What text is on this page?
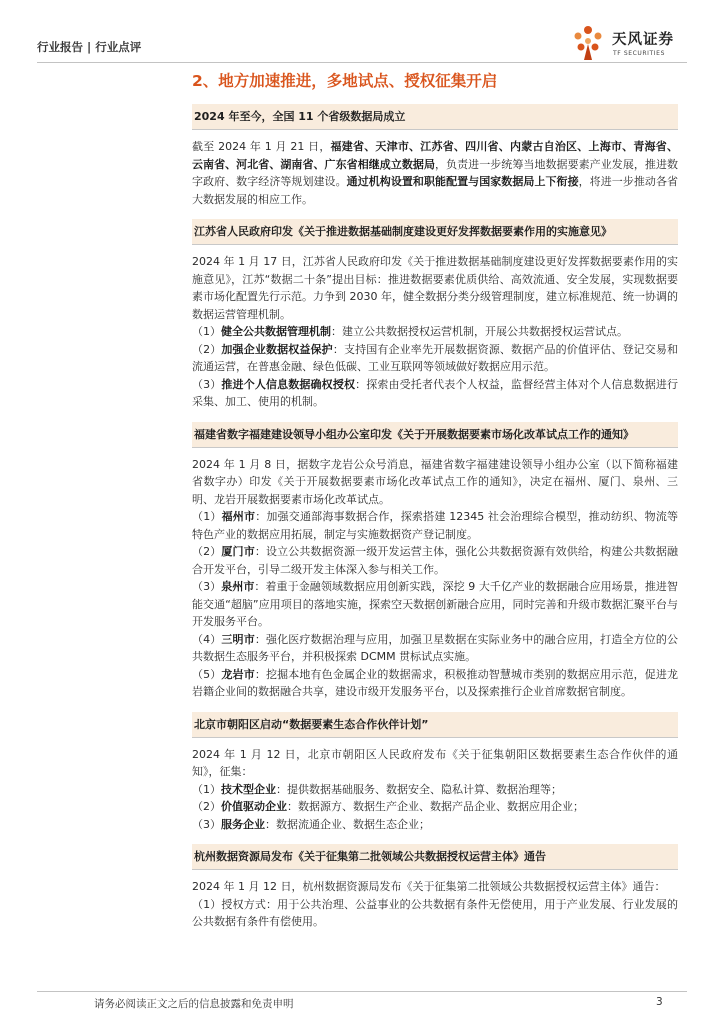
行业报告 | 行业点评	天风证券
TF SECURITIES
2、地方加速推进，多地试点、授权征集开启
2024 年至今，全国 11 个省级数据局成立
截至 2024 年 1 月 21 日，福建省、天津市、江苏省、四川省、内蒙古自治区、上海市、青海省、云南省、河北省、湖南省、广东省相继成立数据局，负责进一步统筹当地数据要素产业发展，推进数字政府、数字经济等规划建设。通过机构设置和职能配置与国家数据局上下衔接，将进一步推动各省大数据发展的相应工作。
江苏省人民政府印发《关于推进数据基础制度建设更好发挥数据要素作用的实施意见》
2024 年 1 月 17 日，江苏省人民政府印发《关于推进数据基础制度建设更好发挥数据要素作用的实施意见》，江苏“数据二十条”提出目标：推进数据要素优质供给、高效流通、安全发展，实现数据要素市场化配置先行示范。力争到 2030 年，健全数据分类分级管理制度，建立标准规范、统一协调的数据运营管理机制。
（1）健全公共数据管理机制：建立公共数据授权运营机制，开展公共数据授权运营试点。
（2）加强企业数据权益保护：支持国有企业率先开展数据资源、数据产品的价值评估、登记交易和流通运营，在普惠金融、绿色低碳、工业互联网等领域做好数据应用示范。
（3）推进个人信息数据确权授权：探索由受托者代表个人权益，监督经营主体对个人信息数据进行采集、加工、使用的机制。
福建省数字福建建设领导小组办公室印发《关于开展数据要素市场化改革试点工作的通知》
2024 年 1 月 8 日，据数字龙岩公众号消息，福建省数字福建建设领导小组办公室（以下简称福建省数字办）印发《关于开展数据要素市场化改革试点工作的通知》，决定在福州、厦门、泉州、三明、龙岩开展数据要素市场化改革试点。
（1）福州市：加强交通部海事数据合作，探索搭建 12345 社会治理综合模型，推动纺织、物流等特色产业的数据应用拓展，制定与实施数据资产登记制度。
（2）厦门市：设立公共数据资源一级开发运营主体，强化公共数据资源有效供给，构建公共数据融合开发平台，引导二级开发主体深入参与相关工作。
（3）泉州市：着重于金融领域数据应用创新实践，深挖 9 大千亿产业的数据融合应用场景，推进智能交通“超脑”应用项目的落地实施，探索空天数据创新融合应用，同时完善和升级市数据汇聚平台与开发服务平台。
（4）三明市：强化医疗数据治理与应用，加强卫星数据在实际业务中的融合应用，打造全方位的公共数据生态服务平台，并积极探索 DCMM 贯标试点实施。
（5）龙岩市：挖掘本地有色金属企业的数据需求，积极推动智慧城市类别的数据应用示范，促进龙岩籍企业间的数据融合共享，建设市级开发服务平台，以及探索推行企业首席数据官制度。
北京市朝阳区启动“数据要素生态合作伙伴计划”
2024 年 1 月 12 日，北京市朝阳区人民政府发布《关于征集朝阳区数据要素生态合作伙伴的通知》，征集：
（1）技术型企业：提供数据基础服务、数据安全、隐私计算、数据治理等；
（2）价值驱动企业：数据源方、数据生产企业、数据产品企业、数据应用企业；
（3）服务企业：数据流通企业、数据生态企业；
杭州数据资源局发布《关于征集第二批领域公共数据授权运营主体》通告
2024 年 1 月 12 日，杭州数据资源局发布《关于征集第二批领域公共数据授权运营主体》通告：
（1）授权方式：用于公共治理、公益事业的公共数据有条件无偿使用，用于产业发展、行业发展的公共数据有条件有偿使用。
请务必阅读正文之后的信息披露和免责申明	3
